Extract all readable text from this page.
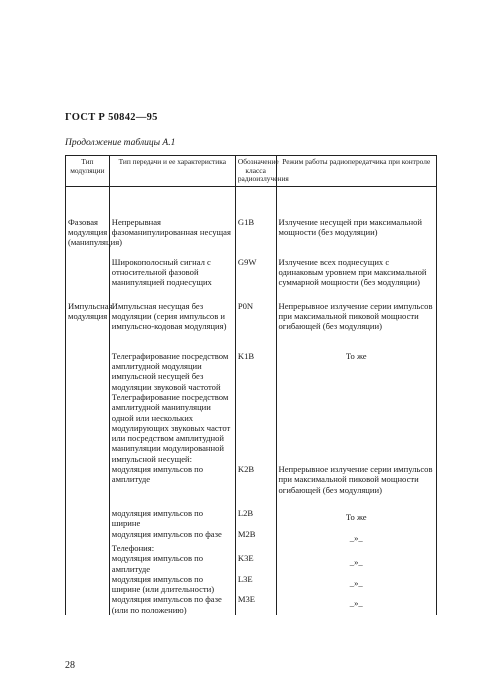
ГОСТ Р 50842—95
Продолжение таблицы А.1
Тип модуляции	Тип передачи и ее характеристика	Обозначение класса радиоизлучения	Режим работы радиопередатчика при контроле

Фазовая модуляция (манипуляция)	Непрерывная фазоманипулированная несущая	G1B	Излучение несущей при максимальной мощности (без модуляции)
	Широкополосный сигнал с относительной фазовой манипуляцией поднесущих	G9W	Излучение всех поднесущих с одинаковым уровнем при максимальной суммарной мощности (без модуляции)
Импульсная модуляция	Импульсная несущая без модуляции (серия импульсов и импульсно-кодовая модуляция)	P0N	Непрерывное излучение серии импульсов при максимальной пиковой мощности огибающей (без модуляции)
	Телеграфирование посредством амплитудной модуляции импульсной несущей без модуляции звуковой частотой	K1B	То же
	Телеграфирование посредством амплитудной манипуляции одной или нескольких модулирующих звуковых частот или посредством амплитудной манипуляции модулированной импульсной несущей:		
	модуляция импульсов по амплитуде	K2B	Непрерывное излучение серии импульсов при максимальной пиковой мощности огибающей (без модуляции)
	модуляция импульсов по ширине	L2B	То же
	модуляция импульсов по фазе	M2B	_»_
	Телефония:		
	модуляция импульсов по амплитуде	K3E	_»_
	модуляция импульсов по ширине (или длительности)	L3E	_»_
	модуляция импульсов по фазе (или по положению)	M3E	_»_
28
